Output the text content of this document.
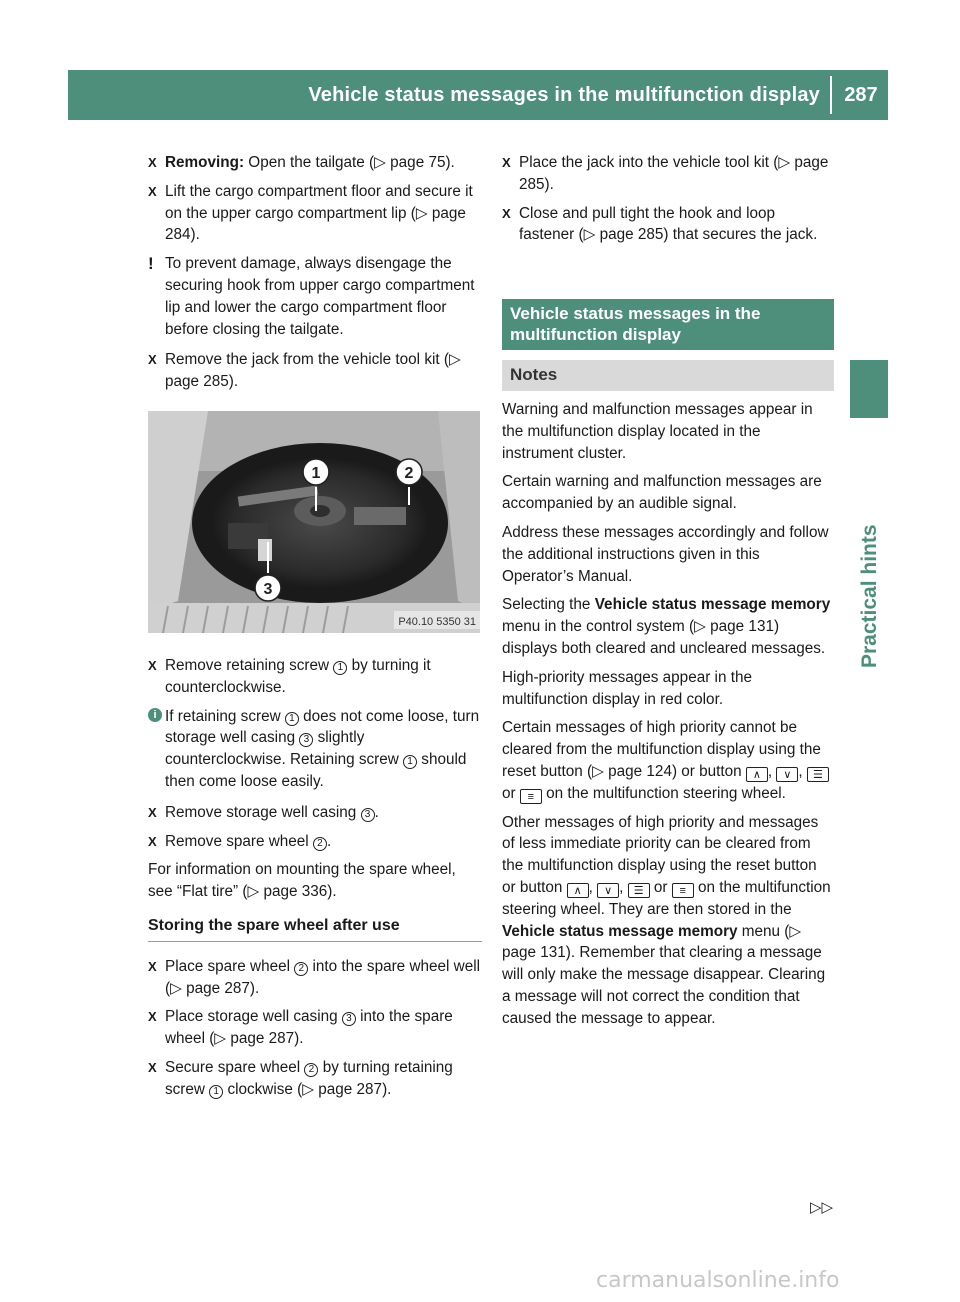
Vehicle status messages in the multifunction display	287
Practical hints
X Removing: Open the tailgate (▷ page 75).
X Lift the cargo compartment floor and secure it on the upper cargo compartment lip (▷ page 284).
! To prevent damage, always disengage the securing hook from upper cargo compartment lip and lower the cargo compartment floor before closing the tailgate.
X Remove the jack from the vehicle tool kit (▷ page 285).
1	2
3
P40.10 5350 31
X Remove retaining screw 1 by turning it counterclockwise.
i If retaining screw 1 does not come loose, turn storage well casing 3 slightly counterclockwise. Retaining screw 1 should then come loose easily.
X Remove storage well casing 3 .
X Remove spare wheel 2 .

For information on mounting the spare wheel, see “Flat tire” (▷ page 336).

Storing the spare wheel after use
X Place spare wheel 2 into the spare wheel well (▷ page 287).
X Place storage well casing 3 into the spare wheel (▷ page 287).
X Secure spare wheel 2 by turning retaining screw 1 clockwise (▷ page 287).
X Place the jack into the vehicle tool kit (▷ page 285).
X Close and pull tight the hook and loop fastener (▷ page 285) that secures the jack.
Vehicle status messages in the multifunction display
Notes

Warning and malfunction messages appear in the multifunction display located in the instrument cluster.

Certain warning and malfunction messages are accompanied by an audible signal.

Address these messages accordingly and follow the additional instructions given in this Operator’s Manual.

Selecting the Vehicle status message memory menu in the control system (▷ page 131) displays both cleared and uncleared messages.

High-priority messages appear in the multifunction display in red color.

Certain messages of high priority cannot be cleared from the multifunction display using the reset button (▷ page 124) or button ∧ , ∨ , ☰ or ≡ on the multifunction steering wheel.

Other messages of high priority and messages of less immediate priority can be cleared from the multifunction display using the reset button or button ∧ , ∨ , ☰ or ≡ on the multifunction steering wheel. They are then stored in the Vehicle status message memory menu (▷ page 131). Remember that clearing a message will only make the message disappear. Clearing a message will not correct the condition that caused the message to appear.

▷▷
carmanualsonline.info
